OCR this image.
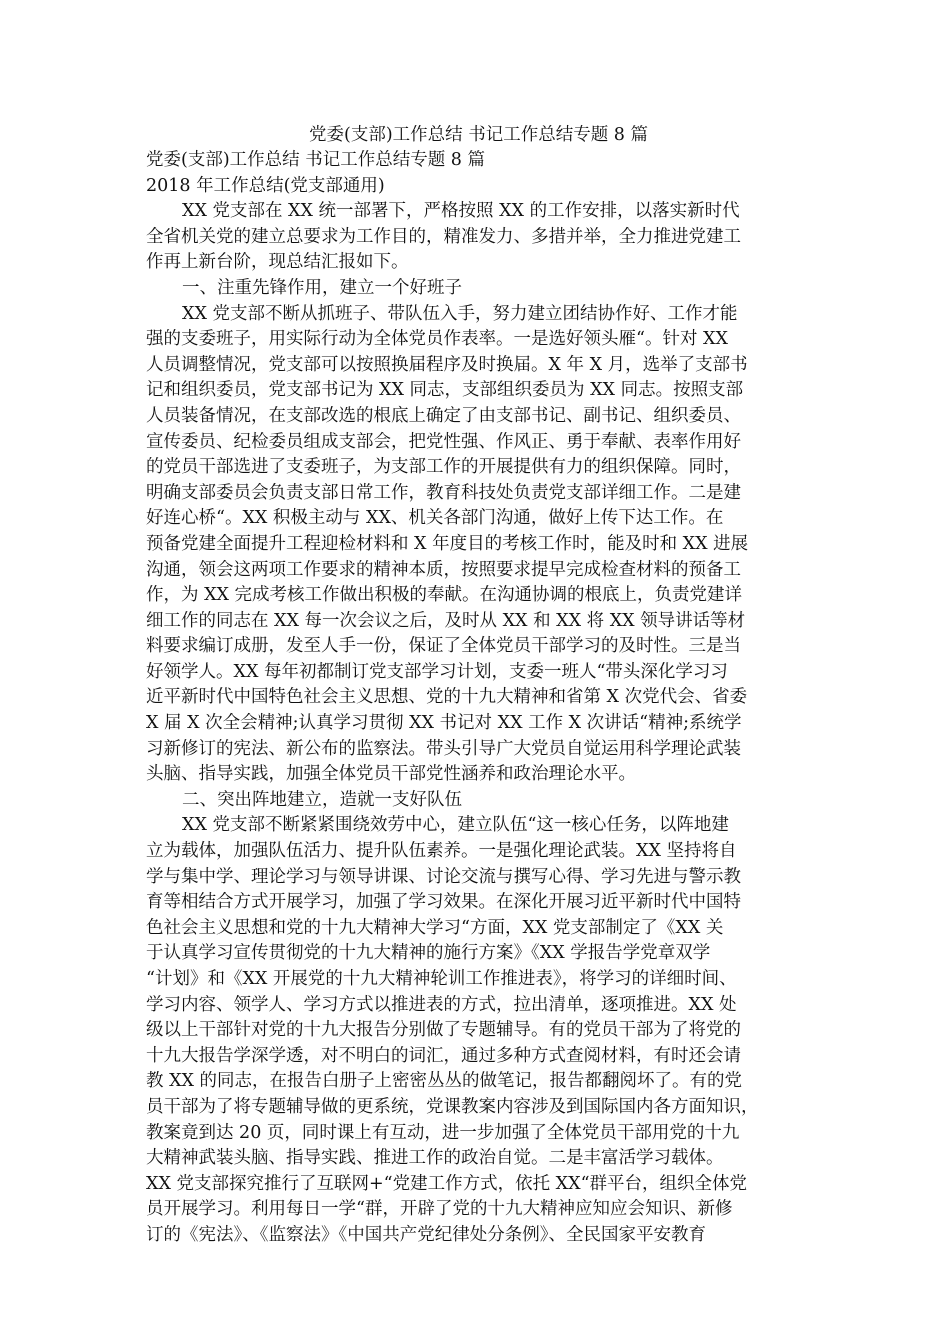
党委(支部)工作总结 书记工作总结专题 8 篇
党委(支部)工作总结 书记工作总结专题 8 篇
2018 年工作总结(党支部通用)
XX 党支部在 XX 统一部署下，严格按照 XX 的工作安排，以落实新时代
全省机关党的建立总要求为工作目的，精准发力、多措并举，全力推进党建工
作再上新台阶，现总结汇报如下。
一、注重先锋作用，建立一个好班子
XX 党支部不断从抓班子、带队伍入手，努力建立团结协作好、工作才能
强的支委班子，用实际行动为全体党员作表率。一是选好领头雁“。针对 XX
人员调整情况，党支部可以按照换届程序及时换届。X 年 X 月，选举了支部书
记和组织委员，党支部书记为 XX 同志，支部组织委员为 XX 同志。按照支部
人员装备情况，在支部改选的根底上确定了由支部书记、副书记、组织委员、
宣传委员、纪检委员组成支部会，把党性强、作风正、勇于奉献、表率作用好
的党员干部选进了支委班子，为支部工作的开展提供有力的组织保障。同时，
明确支部委员会负责支部日常工作，教育科技处负责党支部详细工作。二是建
好连心桥“。XX 积极主动与 XX、机关各部门沟通，做好上传下达工作。在
预备党建全面提升工程迎检材料和 X 年度目的考核工作时，能及时和 XX 进展
沟通，领会这两项工作要求的精神本质，按照要求提早完成检查材料的预备工
作，为 XX 完成考核工作做出积极的奉献。在沟通协调的根底上，负责党建详
细工作的同志在 XX 每一次会议之后，及时从 XX 和 XX 将 XX 领导讲话等材
料要求编订成册，发至人手一份，保证了全体党员干部学习的及时性。三是当
好领学人。XX 每年初都制订党支部学习计划，支委一班人“带头深化学习习
近平新时代中国特色社会主义思想、党的十九大精神和省第 X 次党代会、省委
X 届 X 次全会精神;认真学习贯彻 XX 书记对 XX 工作 X 次讲话“精神;系统学
习新修订的宪法、新公布的监察法。带头引导广大党员自觉运用科学理论武装
头脑、指导实践，加强全体党员干部党性涵养和政治理论水平。
二、突出阵地建立，造就一支好队伍
XX 党支部不断紧紧围绕效劳中心，建立队伍“这一核心任务，以阵地建
立为载体，加强队伍活力、提升队伍素养。一是强化理论武装。XX 坚持将自
学与集中学、理论学习与领导讲课、讨论交流与撰写心得、学习先进与警示教
育等相结合方式开展学习，加强了学习效果。在深化开展习近平新时代中国特
色社会主义思想和党的十九大精神大学习“方面，XX 党支部制定了《XX 关
于认真学习宣传贯彻党的十九大精神的施行方案》《XX 学报告学党章双学
“计划》和《XX 开展党的十九大精神轮训工作推进表》，将学习的详细时间、
学习内容、领学人、学习方式以推进表的方式，拉出清单，逐项推进。XX 处
级以上干部针对党的十九大报告分别做了专题辅导。有的党员干部为了将党的
十九大报告学深学透，对不明白的词汇，通过多种方式查阅材料，有时还会请
教 XX 的同志，在报告白册子上密密丛丛的做笔记，报告都翻阅坏了。有的党
员干部为了将专题辅导做的更系统，党课教案内容涉及到国际国内各方面知识，
教案竟到达 20 页，同时课上有互动，进一步加强了全体党员干部用党的十九
大精神武装头脑、指导实践、推进工作的政治自觉。二是丰富活学习载体。
XX 党支部探究推行了互联网+“党建工作方式，依托 XX“群平台，组织全体党
员开展学习。利用每日一学“群，开辟了党的十九大精神应知应会知识、新修
订的《宪法》、《监察法》《中国共产党纪律处分条例》、全民国家平安教育
